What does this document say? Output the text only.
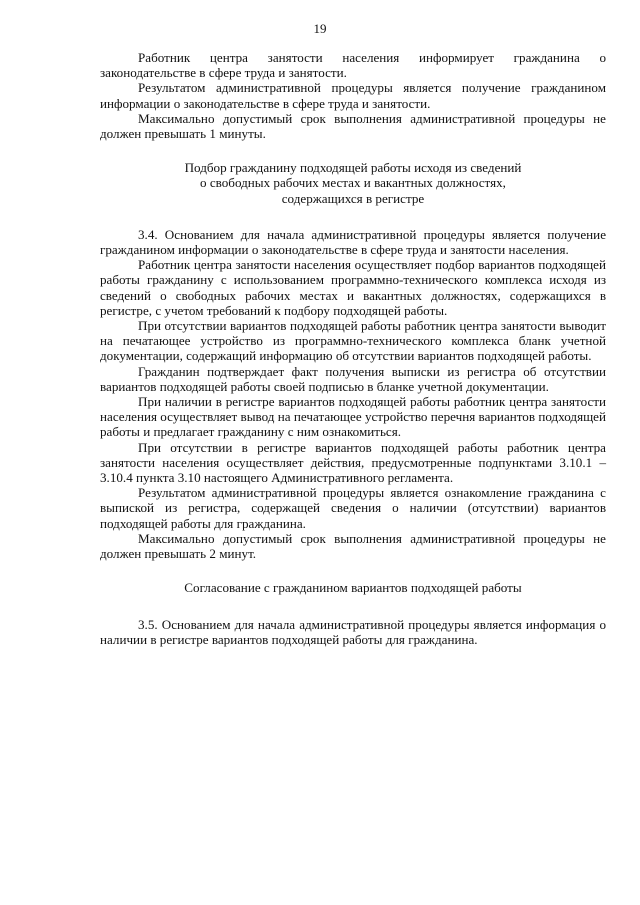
19

Работник центра занятости населения информирует гражданина о законодательстве в сфере труда и занятости.

Результатом административной процедуры является получение гражданином информации о законодательстве в сфере труда и занятости.

Максимально допустимый срок выполнения административной процедуры не должен превышать 1 минуты.

Подбор гражданину подходящей работы исходя из сведений

о свободных рабочих местах и вакантных должностях,

содержащихся в регистре

3.4. Основанием для начала административной процедуры является получение гражданином информации о законодательстве в сфере труда и занятости населения.

Работник центра занятости населения осуществляет подбор вариантов подходящей работы гражданину с использованием программно-технического комплекса исходя из сведений о свободных рабочих местах и вакантных должностях, содержащихся в регистре, с учетом требований к подбору подходящей работы.

При отсутствии вариантов подходящей работы работник центра занятости выводит на печатающее устройство из программно-технического комплекса бланк учетной документации, содержащий информацию об отсутствии вариантов подходящей работы.

Гражданин подтверждает факт получения выписки из регистра об отсутствии вариантов подходящей работы своей подписью в бланке учетной документации.

При наличии в регистре вариантов подходящей работы работник центра занятости населения осуществляет вывод на печатающее устройство перечня вариантов подходящей работы и предлагает гражданину с ним ознакомиться.

При отсутствии в регистре вариантов подходящей работы работник центра занятости населения осуществляет действия, предусмотренные подпунктами 3.10.1 – 3.10.4 пункта 3.10 настоящего Административного регламента.

Результатом административной процедуры является ознакомление гражданина с выпиской из регистра, содержащей сведения о наличии (отсутствии) вариантов подходящей работы для гражданина.

Максимально допустимый срок выполнения административной процедуры не должен превышать 2 минут.

Согласование с гражданином вариантов подходящей работы

3.5. Основанием для начала административной процедуры является информация о наличии в регистре вариантов подходящей работы для гражданина.
